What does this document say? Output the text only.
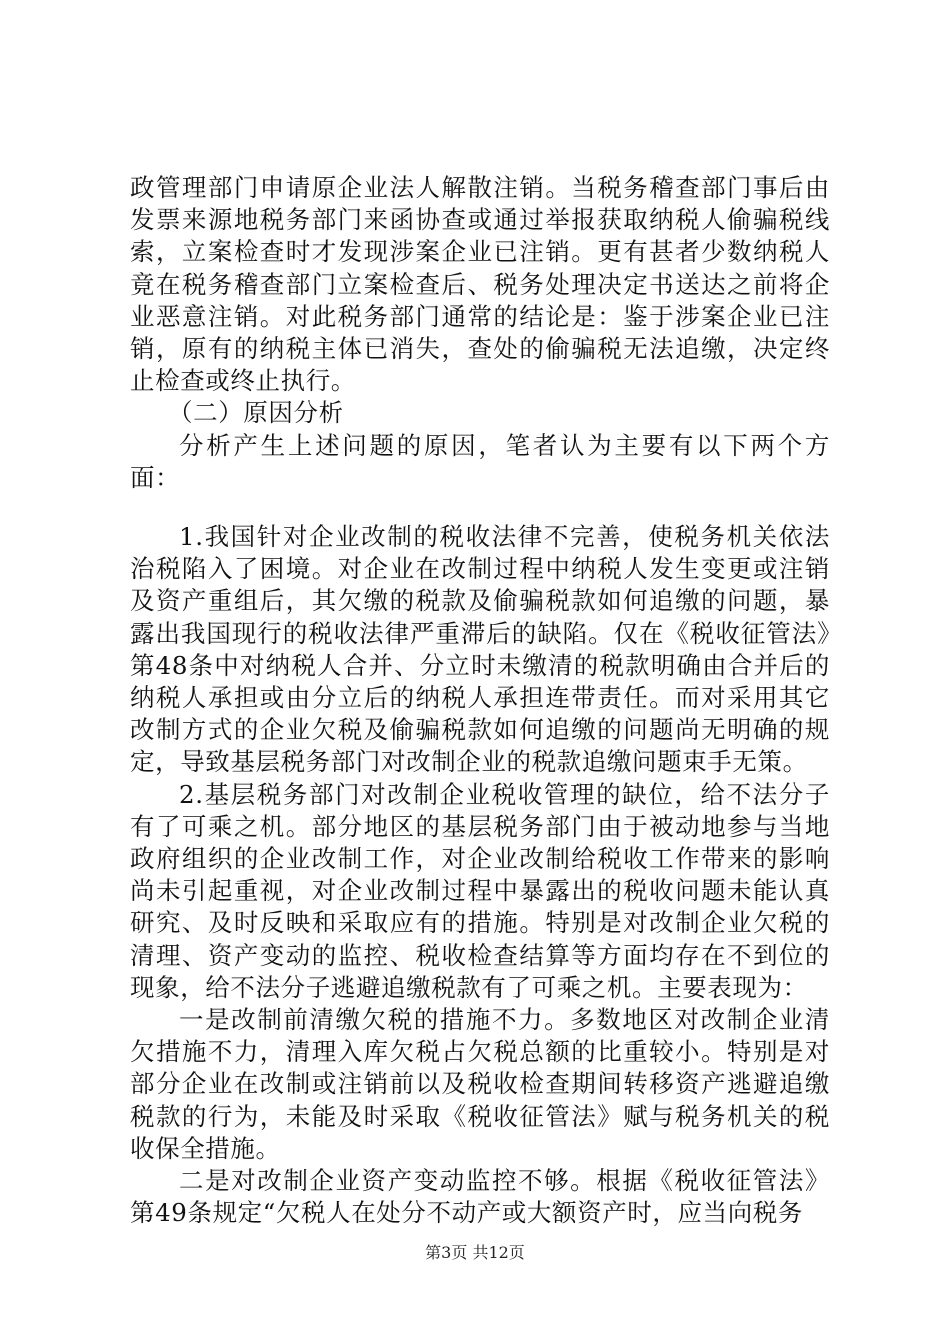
政管理部门申请原企业法人解散注销。当税务稽查部门事后由发票来源地税务部门来函协查或通过举报获取纳税人偷骗税线索，立案检查时才发现涉案企业已注销。更有甚者少数纳税人竟在税务稽查部门立案检查后、税务处理决定书送达之前将企业恶意注销。对此税务部门通常的结论是：鉴于涉案企业已注销，原有的纳税主体已消失，查处的偷骗税无法追缴，决定终止检查或终止执行。

（二）原因分析

分析产生上述问题的原因，笔者认为主要有以下两个方面：

1.我国针对企业改制的税收法律不完善，使税务机关依法治税陷入了困境。对企业在改制过程中纳税人发生变更或注销及资产重组后，其欠缴的税款及偷骗税款如何追缴的问题，暴露出我国现行的税收法律严重滞后的缺陷。仅在《税收征管法》第48条中对纳税人合并、分立时未缴清的税款明确由合并后的纳税人承担或由分立后的纳税人承担连带责任。而对采用其它改制方式的企业欠税及偷骗税款如何追缴的问题尚无明确的规定，导致基层税务部门对改制企业的税款追缴问题束手无策。

2.基层税务部门对改制企业税收管理的缺位，给不法分子有了可乘之机。部分地区的基层税务部门由于被动地参与当地政府组织的企业改制工作，对企业改制给税收工作带来的影响尚未引起重视，对企业改制过程中暴露出的税收问题未能认真研究、及时反映和采取应有的措施。特别是对改制企业欠税的清理、资产变动的监控、税收检查结算等方面均存在不到位的现象，给不法分子逃避追缴税款有了可乘之机。主要表现为：

一是改制前清缴欠税的措施不力。多数地区对改制企业清欠措施不力，清理入库欠税占欠税总额的比重较小。特别是对部分企业在改制或注销前以及税收检查期间转移资产逃避追缴税款的行为，未能及时采取《税收征管法》赋与税务机关的税收保全措施。

二是对改制企业资产变动监控不够。根据《税收征管法》第49条规定“欠税人在处分不动产或大额资产时，应当向税务

第3页 共12页
